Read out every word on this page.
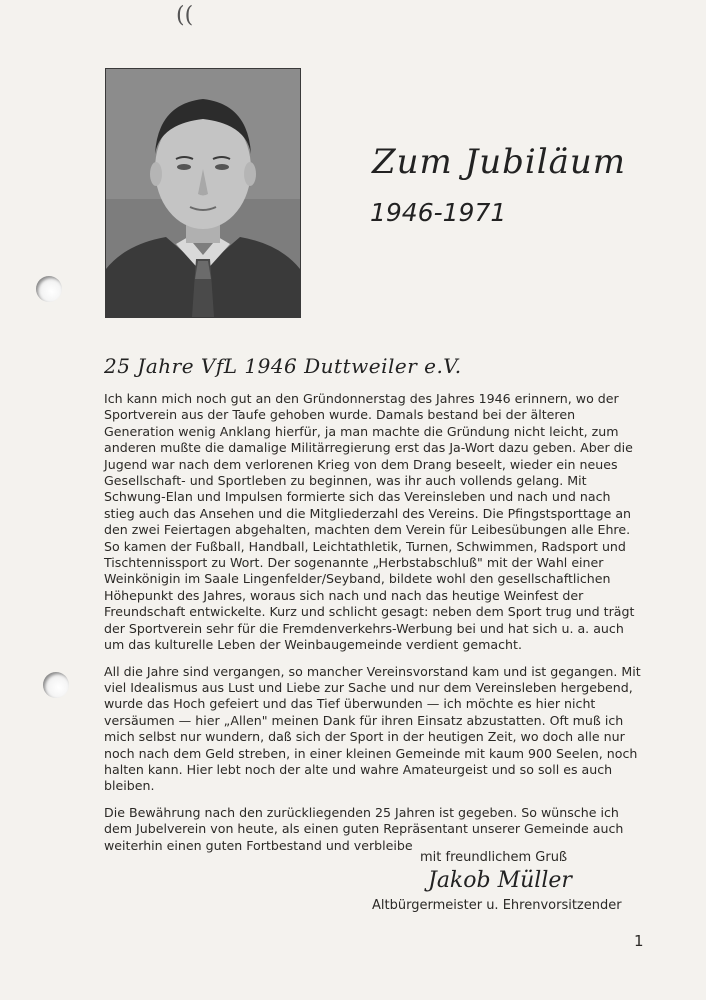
((
Zum Jubiläum
1946-1971
25 Jahre VfL 1946 Duttweiler e.V.

Ich kann mich noch gut an den Gründonnerstag des Jahres 1946 erinnern, wo der Sportverein aus der Taufe gehoben wurde. Damals bestand bei der älteren Generation wenig Anklang hierfür, ja man machte die Gründung nicht leicht, zum anderen mußte die damalige Militärregierung erst das Ja-Wort dazu geben. Aber die Jugend war nach dem verlorenen Krieg von dem Drang beseelt, wieder ein neues Gesellschaft- und Sportleben zu beginnen, was ihr auch vollends gelang. Mit Schwung-Elan und Impulsen formierte sich das Vereinsleben und nach und nach stieg auch das Ansehen und die Mitgliederzahl des Vereins. Die Pfingstsporttage an den zwei Feiertagen abgehalten, machten dem Verein für Leibesübungen alle Ehre. So kamen der Fußball, Handball, Leichtathletik, Turnen, Schwimmen, Radsport und Tischtennissport zu Wort. Der sogenannte „Herbstabschluß" mit der Wahl einer Weinkönigin im Saale Lingenfelder/Seyband, bildete wohl den gesellschaftlichen Höhepunkt des Jahres, woraus sich nach und nach das heutige Weinfest der Freundschaft entwickelte. Kurz und schlicht gesagt: neben dem Sport trug und trägt der Sportverein sehr für die Fremdenverkehrs-Werbung bei und hat sich u. a. auch um das kulturelle Leben der Weinbaugemeinde verdient gemacht.

All die Jahre sind vergangen, so mancher Vereinsvorstand kam und ist gegangen. Mit viel Idealismus aus Lust und Liebe zur Sache und nur dem Vereinsleben hergebend, wurde das Hoch gefeiert und das Tief überwunden — ich möchte es hier nicht versäumen — hier „Allen" meinen Dank für ihren Einsatz abzustatten. Oft muß ich mich selbst nur wundern, daß sich der Sport in der heutigen Zeit, wo doch alle nur noch nach dem Geld streben, in einer kleinen Gemeinde mit kaum 900 Seelen, noch halten kann. Hier lebt noch der alte und wahre Amateurgeist und so soll es auch bleiben.

Die Bewährung nach den zurückliegenden 25 Jahren ist gegeben. So wünsche ich dem Jubelverein von heute, als einen guten Repräsentant unserer Gemeinde auch weiterhin einen guten Fortbestand und verbleibe

mit freundlichem Gruß
Jakob Müller
Altbürgermeister u. Ehrenvorsitzender
1
